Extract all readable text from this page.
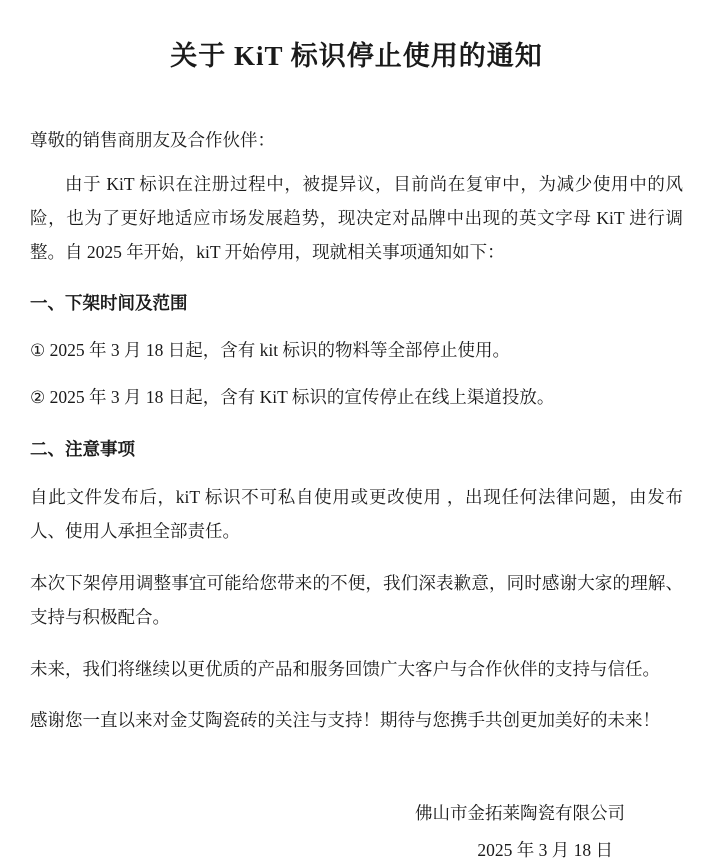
关于 KiT 标识停止使用的通知
尊敬的销售商朋友及合作伙伴：

由于 KiT 标识在注册过程中，被提异议，目前尚在复审中，为减少使用中的风险，也为了更好地适应市场发展趋势，现决定对品牌中出现的英文字母 KiT 进行调整。自 2025 年开始，kiT 开始停用，现就相关事项通知如下：

一、下架时间及范围
① 2025 年 3 月 18 日起，含有 kit 标识的物料等全部停止使用。
② 2025 年 3 月 18 日起，含有 KiT 标识的宣传停止在线上渠道投放。
二、注意事项

自此文件发布后，kiT 标识不可私自使用或更改使用 ，出现任何法律问题，由发布人、使用人承担全部责任。

本次下架停用调整事宜可能给您带来的不便，我们深表歉意，同时感谢大家的理解、支持与积极配合。

未来，我们将继续以更优质的产品和服务回馈广大客户与合作伙伴的支持与信任。

感谢您一直以来对金艾陶瓷砖的关注与支持！期待与您携手共创更加美好的未来！

佛山市金拓莱陶瓷有限公司
2025 年 3 月 18 日
